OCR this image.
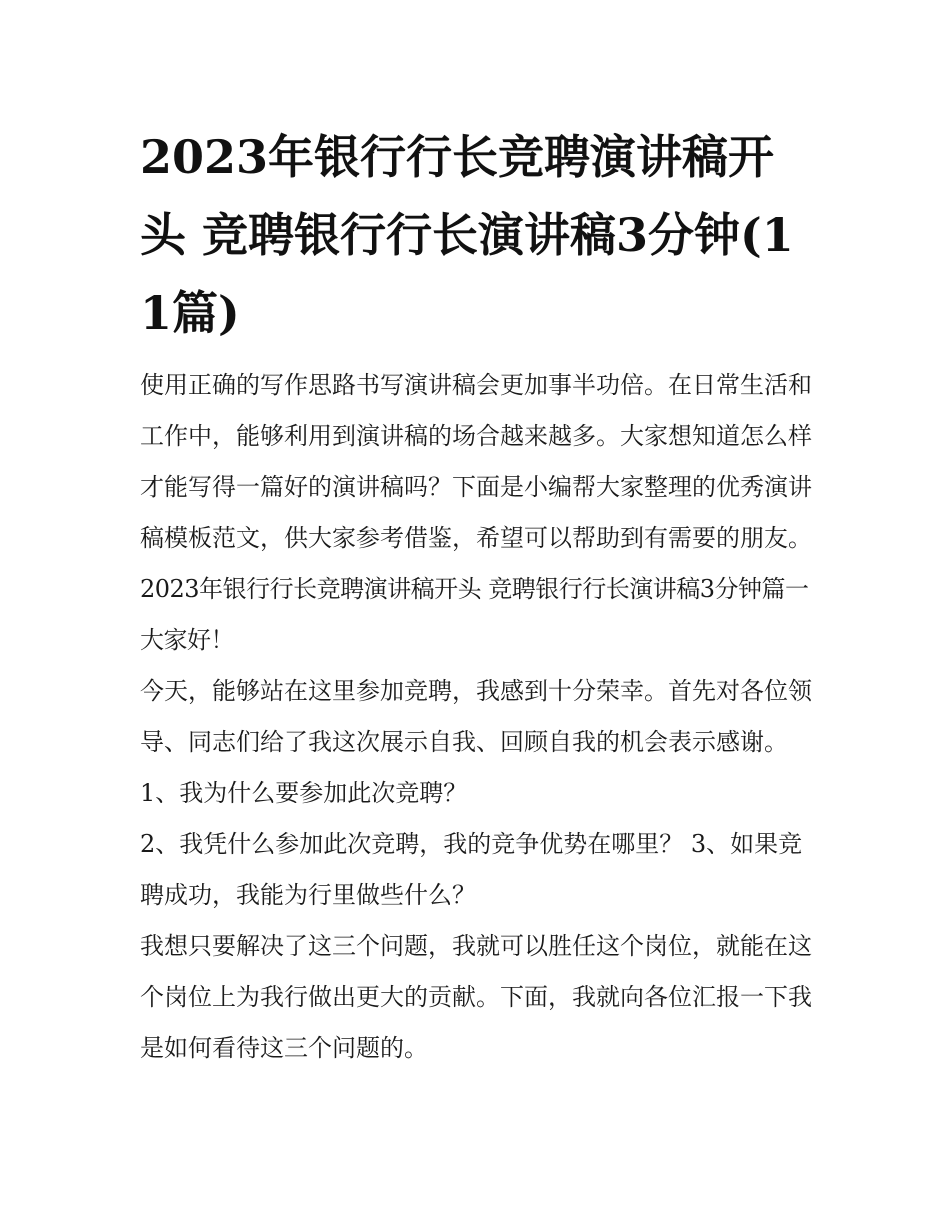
2023年银行行长竞聘演讲稿开头 竞聘银行行长演讲稿3分钟(11篇)

使用正确的写作思路书写演讲稿会更加事半功倍。在日常生活和工作中，能够利用到演讲稿的场合越来越多。大家想知道怎么样才能写得一篇好的演讲稿吗？下面是小编帮大家整理的优秀演讲稿模板范文，供大家参考借鉴，希望可以帮助到有需要的朋友。

2023年银行行长竞聘演讲稿开头 竞聘银行行长演讲稿3分钟篇一 大家好！

今天，能够站在这里参加竞聘，我感到十分荣幸。首先对各位领导、同志们给了我这次展示自我、回顾自我的机会表示感谢。 1、我为什么要参加此次竞聘？

2、我凭什么参加此次竞聘，我的竞争优势在哪里？ 3、如果竞聘成功，我能为行里做些什么？

我想只要解决了这三个问题，我就可以胜任这个岗位，就能在这个岗位上为我行做出更大的贡献。下面，我就向各位汇报一下我是如何看待这三个问题的。
